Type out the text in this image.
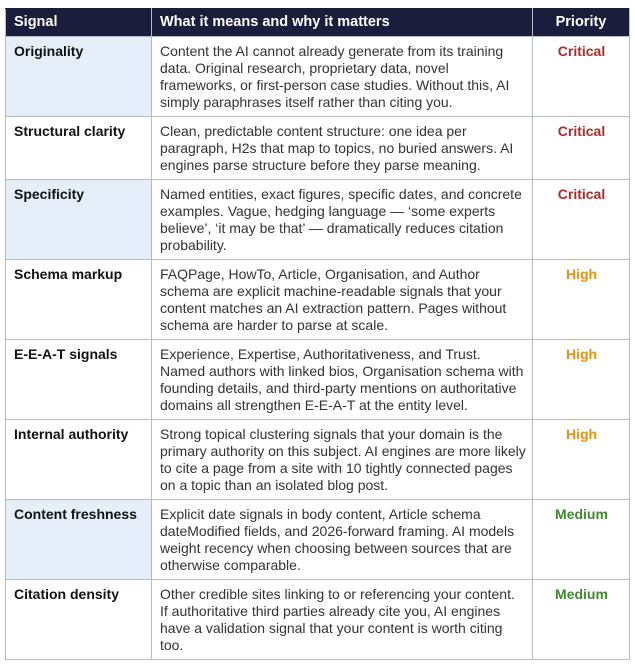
Signal	What it means and why it matters	Priority
Originality	Content the AI cannot already generate from its training data. Original research, proprietary data, novel frameworks, or first-person case studies. Without this, AI simply paraphrases itself rather than citing you.	Critical
Structural clarity	Clean, predictable content structure: one idea per paragraph, H2s that map to topics, no buried answers. AI engines parse structure before they parse meaning.	Critical
Specificity	Named entities, exact figures, specific dates, and concrete examples. Vague, hedging language — ‘some experts believe’, ‘it may be that’ — dramatically reduces citation probability.	Critical
Schema markup	FAQPage, HowTo, Article, Organisation, and Author schema are explicit machine-readable signals that your content matches an AI extraction pattern. Pages without schema are harder to parse at scale.	High
E-E-A-T signals	Experience, Expertise, Authoritativeness, and Trust. Named authors with linked bios, Organisation schema with founding details, and third-party mentions on authoritative domains all strengthen E-E-A-T at the entity level.	High
Internal authority	Strong topical clustering signals that your domain is the primary authority on this subject. AI engines are more likely to cite a page from a site with 10 tightly connected pages on a topic than an isolated blog post.	High
Content freshness	Explicit date signals in body content, Article schema dateModified fields, and 2026-forward framing. AI models weight recency when choosing between sources that are otherwise comparable.	Medium
Citation density	Other credible sites linking to or referencing your content. If authoritative third parties already cite you, AI engines have a validation signal that your content is worth citing too.	Medium
